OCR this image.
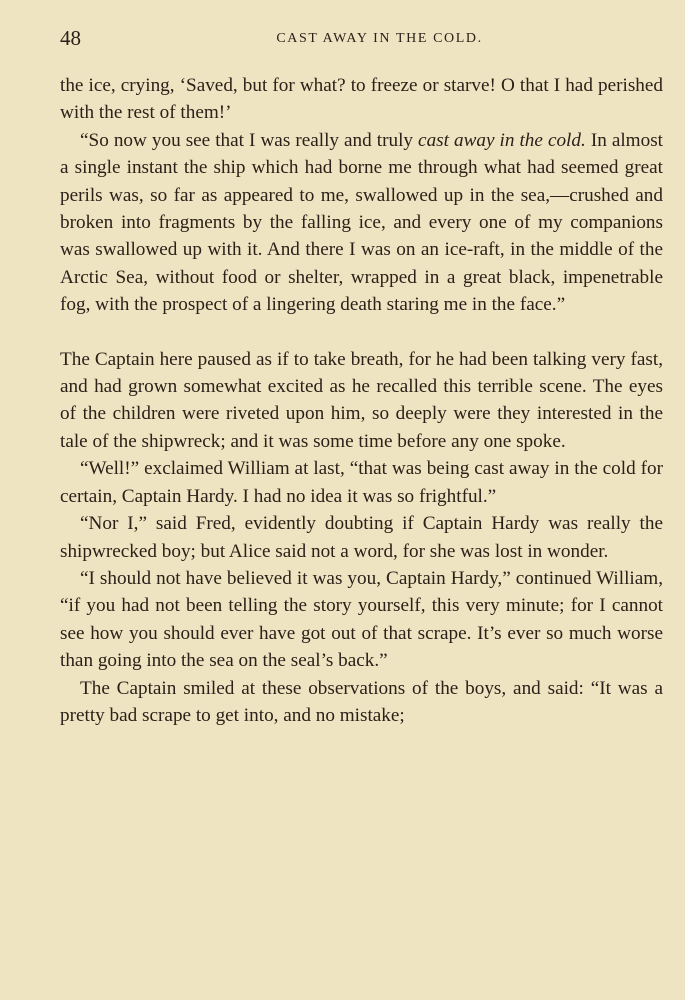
48	CAST AWAY IN THE COLD.

the ice, crying, ‘Saved, but for what? to freeze or starve! O that I had perished with the rest of them!’

“So now you see that I was really and truly cast away in the cold. In almost a single instant the ship which had borne me through what had seemed great perils was, so far as appeared to me, swallowed up in the sea,—crushed and broken into fragments by the falling ice, and every one of my companions was swallowed up with it. And there I was on an ice-raft, in the middle of the Arctic Sea, without food or shelter, wrapped in a great black, impenetrable fog, with the prospect of a lingering death staring me in the face.”

The Captain here paused as if to take breath, for he had been talking very fast, and had grown somewhat excited as he recalled this terrible scene. The eyes of the children were riveted upon him, so deeply were they interested in the tale of the shipwreck; and it was some time before any one spoke.

“Well!” exclaimed William at last, “that was being cast away in the cold for certain, Captain Hardy. I had no idea it was so frightful.”

“Nor I,” said Fred, evidently doubting if Captain Hardy was really the shipwrecked boy; but Alice said not a word, for she was lost in wonder.

“I should not have believed it was you, Captain Hardy,” continued William, “if you had not been telling the story yourself, this very minute; for I cannot see how you should ever have got out of that scrape. It’s ever so much worse than going into the sea on the seal’s back.”

The Captain smiled at these observations of the boys, and said: “It was a pretty bad scrape to get into, and no mistake;
